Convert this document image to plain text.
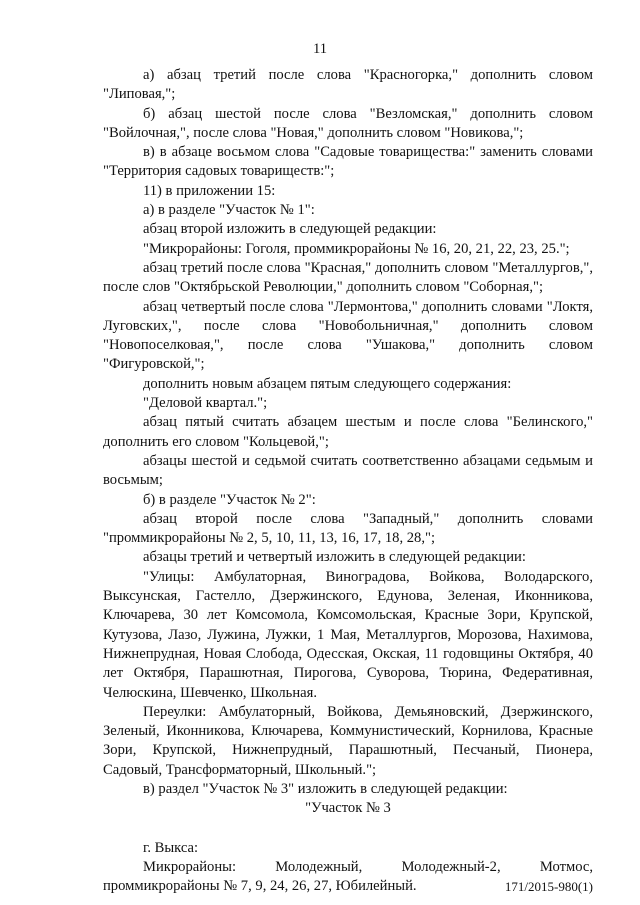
11

а) абзац третий после слова "Красногорка," дополнить словом "Липовая,";

б) абзац шестой после слова "Везломская," дополнить словом "Войлочная,", после слова "Новая," дополнить словом "Новикова,";

в) в абзаце восьмом слова "Садовые товарищества:" заменить словами "Территория садовых товариществ:";

11) в приложении 15:

а) в разделе "Участок № 1":

абзац второй изложить в следующей редакции:

"Микрорайоны: Гоголя, проммикрорайоны № 16, 20, 21, 22, 23, 25.";

абзац третий после слова "Красная," дополнить словом "Металлургов,", после слов "Октябрьской Революции," дополнить словом "Соборная,";

абзац четвертый после слова "Лермонтова," дополнить словами "Локтя, Луговских,", после слова "Новобольничная," дополнить словом "Новопоселковая,", после слова "Ушакова," дополнить словом "Фигуровской,";

дополнить новым абзацем пятым следующего содержания:

"Деловой квартал.";

абзац пятый считать абзацем шестым и после слова "Белинского," дополнить его словом "Кольцевой,";

абзацы шестой и седьмой считать соответственно абзацами седьмым и восьмым;

б) в разделе "Участок № 2":

абзац второй после слова "Западный," дополнить словами "проммикрорайоны № 2, 5, 10, 11, 13, 16, 17, 18, 28,";

абзацы третий и четвертый изложить в следующей редакции:

"Улицы: Амбулаторная, Виноградова, Войкова, Володарского, Выксунская, Гастелло, Дзержинского, Едунова, Зеленая, Иконникова, Ключарева, 30 лет Комсомола, Комсомольская, Красные Зори, Крупской, Кутузова, Лазо, Лужина, Лужки, 1 Мая, Металлургов, Морозова, Нахимова, Нижнепрудная, Новая Слобода, Одесская, Окская, 11 годовщины Октября, 40 лет Октября, Парашютная, Пирогова, Суворова, Тюрина, Федеративная, Челюскина, Шевченко, Школьная.

Переулки: Амбулаторный, Войкова, Демьяновский, Дзержинского, Зеленый, Иконникова, Ключарева, Коммунистический, Корнилова, Красные Зори, Крупской, Нижнепрудный, Парашютный, Песчаный, Пионера, Садовый, Трансформаторный, Школьный.";

в) раздел "Участок № 3" изложить в следующей редакции:

"Участок № 3

г. Выкса:

Микрорайоны: Молодежный, Молодежный-2, Мотмос, проммикрорайоны № 7, 9, 24, 26, 27, Юбилейный.	171/2015-980(1)
